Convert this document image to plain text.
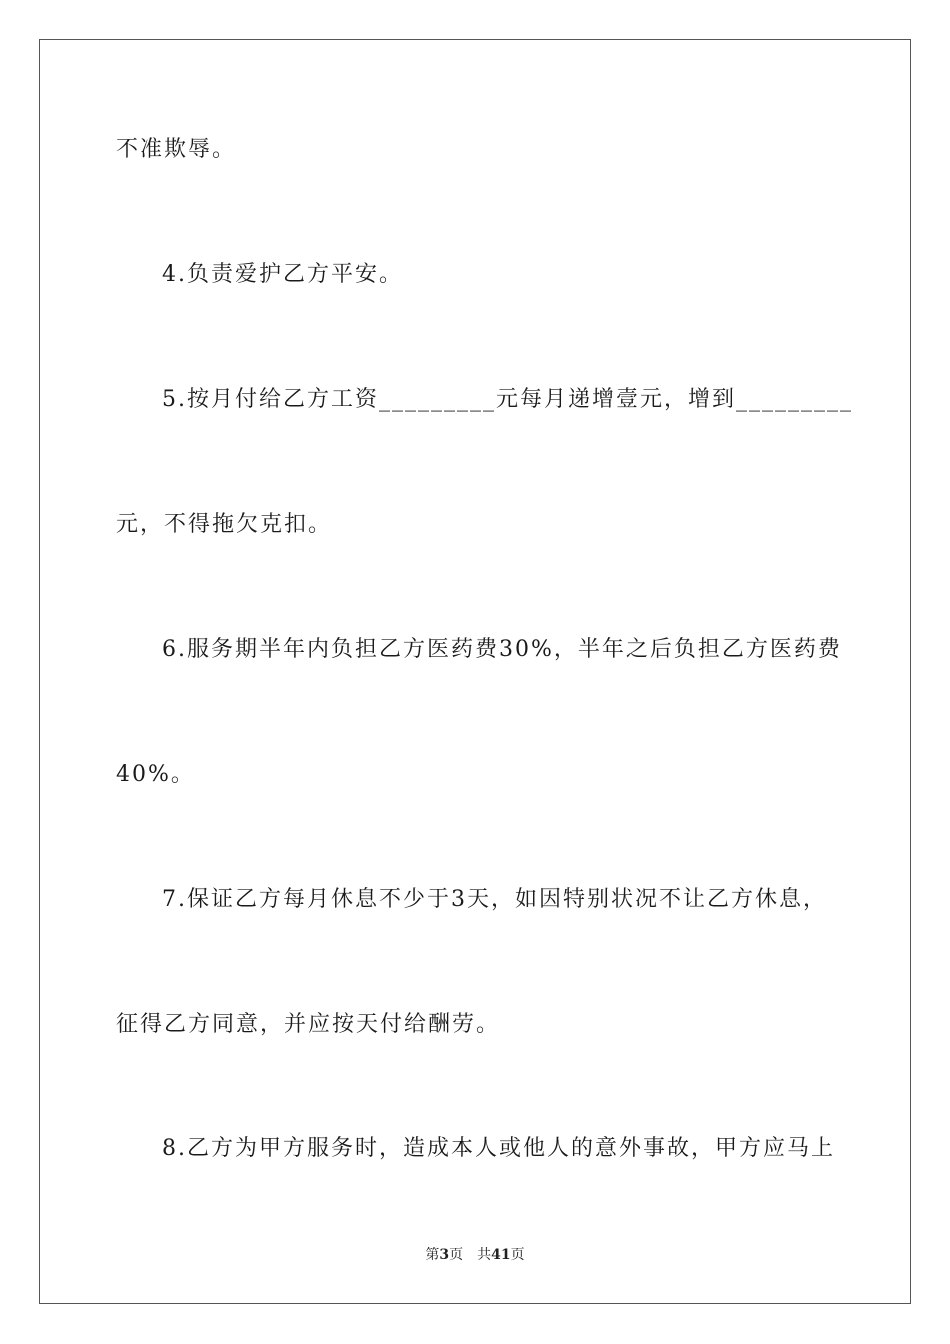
不准欺辱。
4.负责爱护乙方平安。
5.按月付给乙方工资_________元每月递增壹元，增到_________
元，不得拖欠克扣。
6.服务期半年内负担乙方医药费30%，半年之后负担乙方医药费
40%。
7.保证乙方每月休息不少于3天，如因特别状况不让乙方休息，
征得乙方同意，并应按天付给酬劳。
8.乙方为甲方服务时，造成本人或他人的意外事故，甲方应马上
第3页 共41页
